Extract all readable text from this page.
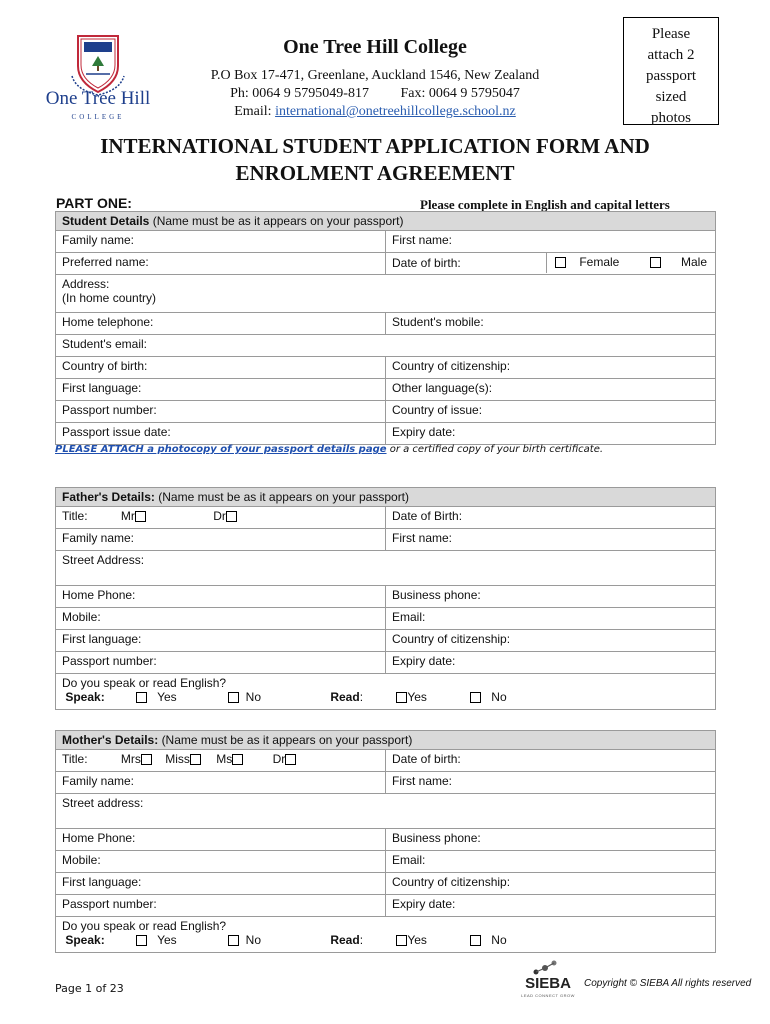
One Tree Hill
COLLEGE
One Tree Hill College
P.O Box 17-471, Greenlane, Auckland 1546, New Zealand
Ph: 0064 9 5795049-817 Fax: 0064 9 5795047
Email: international@onetreehillcollege.school.nz
Please
attach 2
passport
sized
photos
INTERNATIONAL STUDENT APPLICATION FORM AND
ENROLMENT AGREEMENT
PART ONE:	Please complete in English and capital letters
Student Details (Name must be as it appears on your passport)	
Family name:	First name:
Preferred name:	Date of birth: Female Male

Address:
(In home country)	

Home telephone:	Student's mobile:
Student's email:	
Country of birth:	Country of citizenship:
First language:	Other language(s):
Passport number:	Country of issue:
Passport issue date:	Expiry date:
PLEASE ATTACH a photocopy of your passport details page or a certified copy of your birth certificate.
Father's Details: (Name must be as it appears on your passport)	
Title: Mr Dr	Date of Birth:
Family name:	First name:
Street Address:	
Home Phone:	Business phone:
Mobile:	Email:
First language:	Country of citizenship:
Passport number:	Expiry date:

Do you speak or read English?
Speak: Yes No Read: Yes No	
Mother's Details: (Name must be as it appears on your passport)	
Title: Mrs Miss Ms Dr	Date of birth:
Family name:	First name:
Street address:	
Home Phone:	Business phone:
Mobile:	Email:
First language:	Country of citizenship:
Passport number:	Expiry date:

Do you speak or read English?
Speak: Yes No Read: Yes No	
Page 1 of 23	SIEBA
LEAD CONNECT GROW
Copyright © SIEBA All rights reserved
